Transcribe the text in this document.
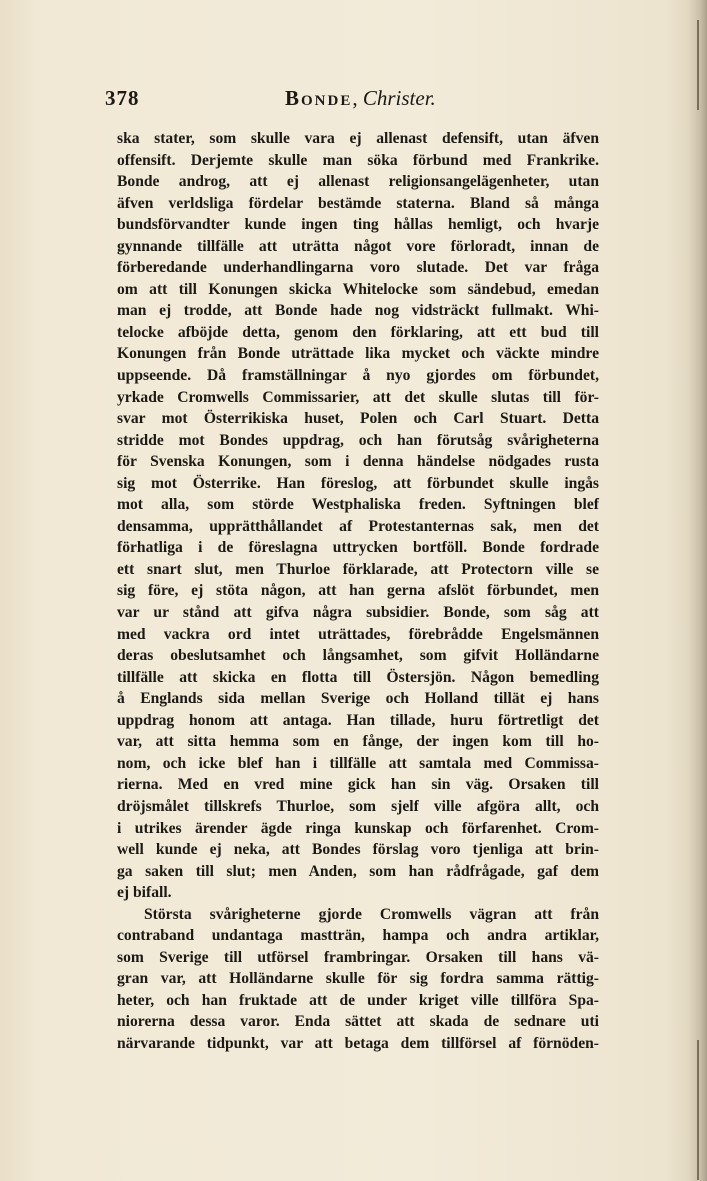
378	Bonde, Christer.
ska stater, som skulle vara ej allenast defensift, utan äfven
offensift. Derjemte skulle man söka förbund med Frankrike.
Bonde androg, att ej allenast religionsangelägenheter, utan
äfven verldsliga fördelar bestämde staterna. Bland så många
bundsförvandter kunde ingen ting hållas hemligt, och hvarje
gynnande tillfälle att uträtta något vore förloradt, innan de
förberedande underhandlingarna voro slutade. Det var fråga
om att till Konungen skicka Whitelocke som sändebud, emedan
man ej trodde, att Bonde hade nog vidsträckt fullmakt. Whi-
telocke afböjde detta, genom den förklaring, att ett bud till
Konungen från Bonde uträttade lika mycket och väckte mindre
uppseende. Då framställningar å nyo gjordes om förbundet,
yrkade Cromwells Commissarier, att det skulle slutas till för-
svar mot Österrikiska huset, Polen och Carl Stuart. Detta
stridde mot Bondes uppdrag, och han förutsåg svårigheterna
för Svenska Konungen, som i denna händelse nödgades rusta
sig mot Österrike. Han föreslog, att förbundet skulle ingås
mot alla, som störde Westphaliska freden. Syftningen blef
densamma, upprätthållandet af Protestanternas sak, men det
förhatliga i de föreslagna uttrycken bortföll. Bonde fordrade
ett snart slut, men Thurloe förklarade, att Protectorn ville se
sig före, ej stöta någon, att han gerna afslöt förbundet, men
var ur stånd att gifva några subsidier. Bonde, som såg att
med vackra ord intet uträttades, förebrådde Engelsmännen
deras obeslutsamhet och långsamhet, som gifvit Holländarne
tillfälle att skicka en flotta till Östersjön. Någon bemedling
å Englands sida mellan Sverige och Holland tillät ej hans
uppdrag honom att antaga. Han tillade, huru förtretligt det
var, att sitta hemma som en fånge, der ingen kom till ho-
nom, och icke blef han i tillfälle att samtala med Commissa-
rierna. Med en vred mine gick han sin väg. Orsaken till
dröjsmålet tillskrefs Thurloe, som sjelf ville afgöra allt, och
i utrikes ärender ägde ringa kunskap och förfarenhet. Crom-
well kunde ej neka, att Bondes förslag voro tjenliga att brin-
ga saken till slut; men Anden, som han rådfrågade, gaf dem
ej bifall.
Största svårigheterne gjorde Cromwells vägran att från
contraband undantaga mastträn, hampa och andra artiklar,
som Sverige till utförsel frambringar. Orsaken till hans vä-
gran var, att Holländarne skulle för sig fordra samma rättig-
heter, och han fruktade att de under kriget ville tillföra Spa-
niorerna dessa varor. Enda sättet att skada de sednare uti
närvarande tidpunkt, var att betaga dem tillförsel af förnöden-
